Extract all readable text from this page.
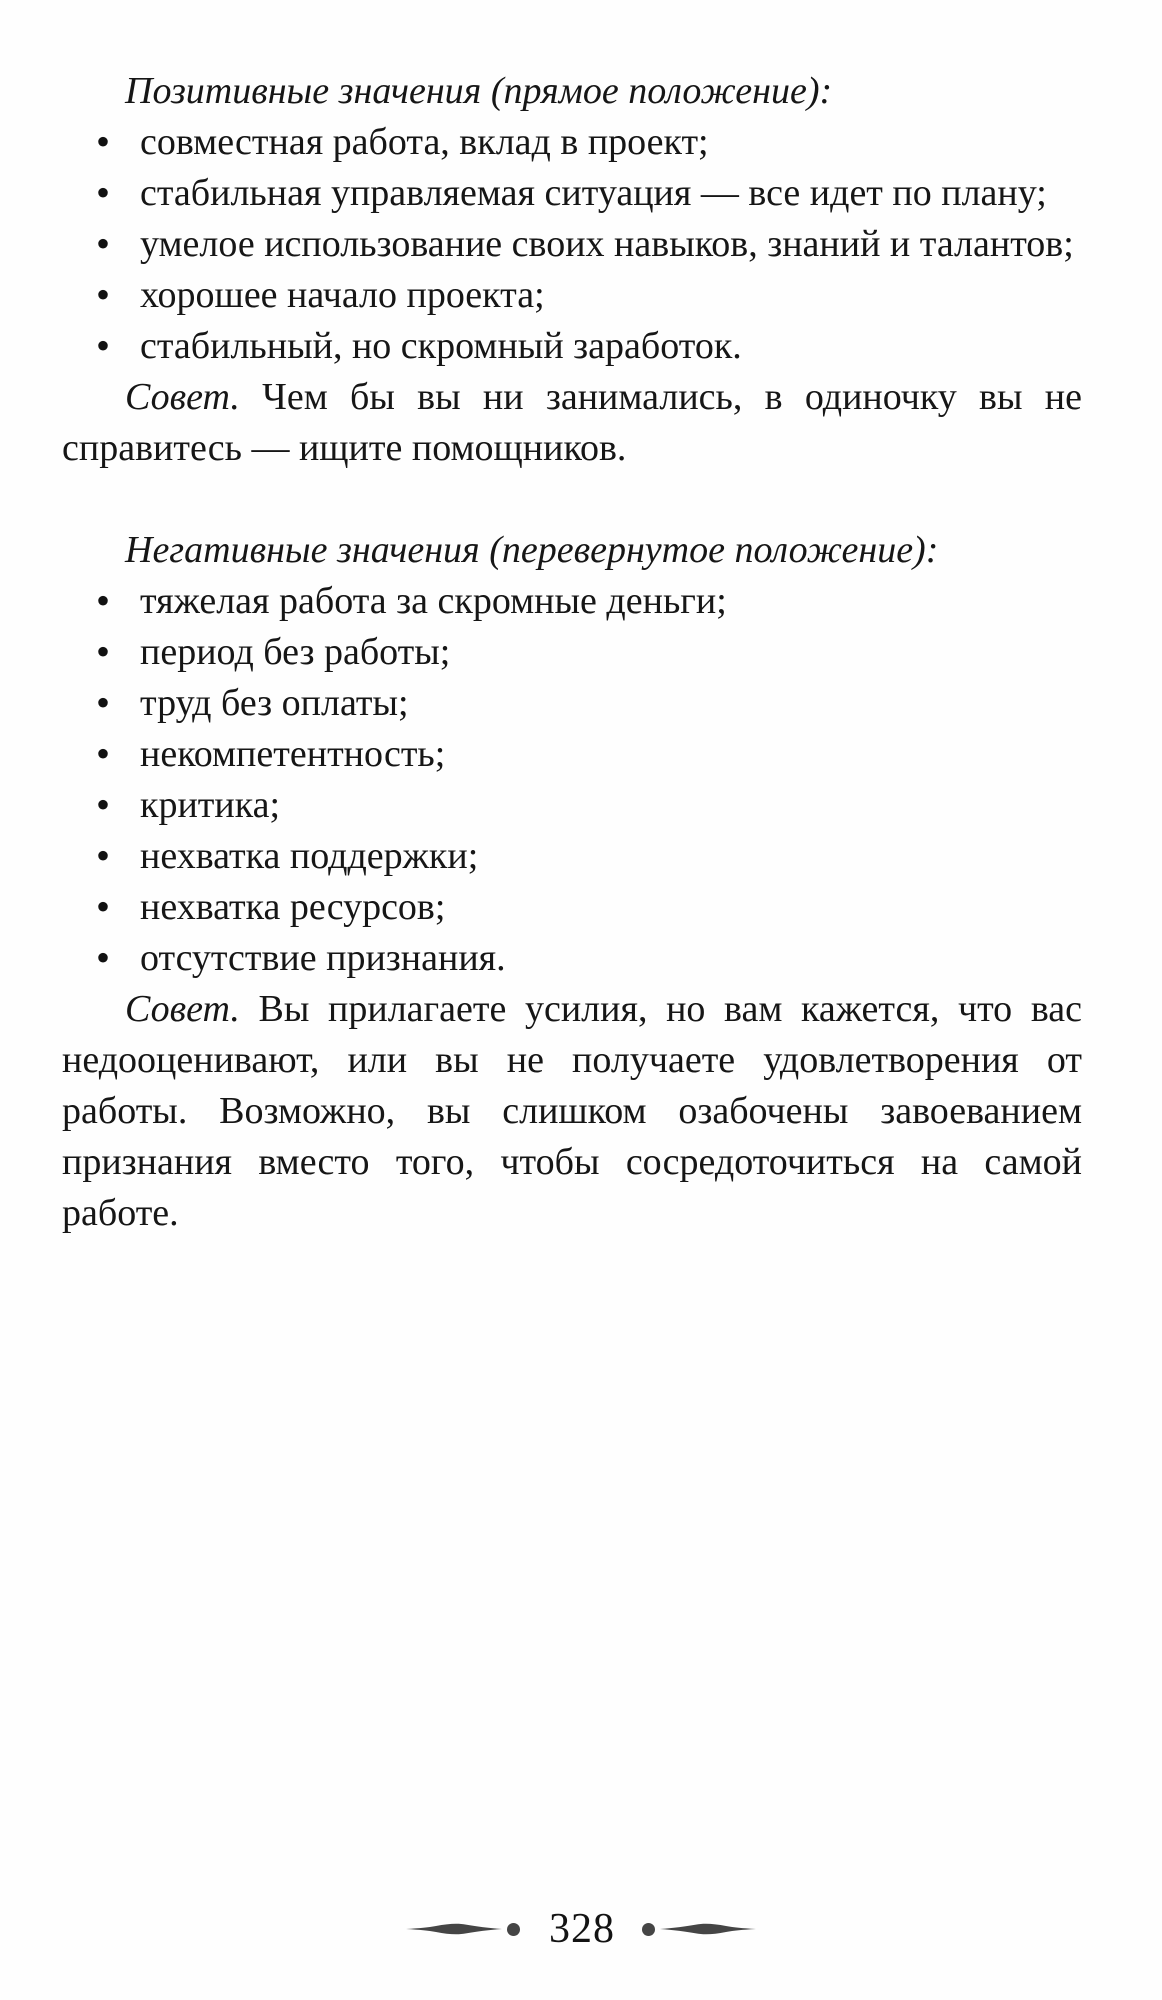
Позитивные значения (прямое положение):

• совместная работа, вклад в проект;
• стабильная управляемая ситуация — все идет по плану;
• умелое использование своих навыков, знаний и талантов;
• хорошее начало проекта;
• стабильный, но скромный заработок.

Совет. Чем бы вы ни занимались, в одиночку вы не справитесь — ищите помощников.

Негативные значения (перевернутое положение):

• тяжелая работа за скромные деньги;
• период без работы;
• труд без оплаты;
• некомпетентность;
• критика;
• нехватка поддержки;
• нехватка ресурсов;
• отсутствие признания.

Совет. Вы прилагаете усилия, но вам кажется, что вас недооценивают, или вы не получаете удовлетворения от работы. Возможно, вы слишком озабочены завоеванием признания вместо того, чтобы сосредоточиться на самой работе.

328
